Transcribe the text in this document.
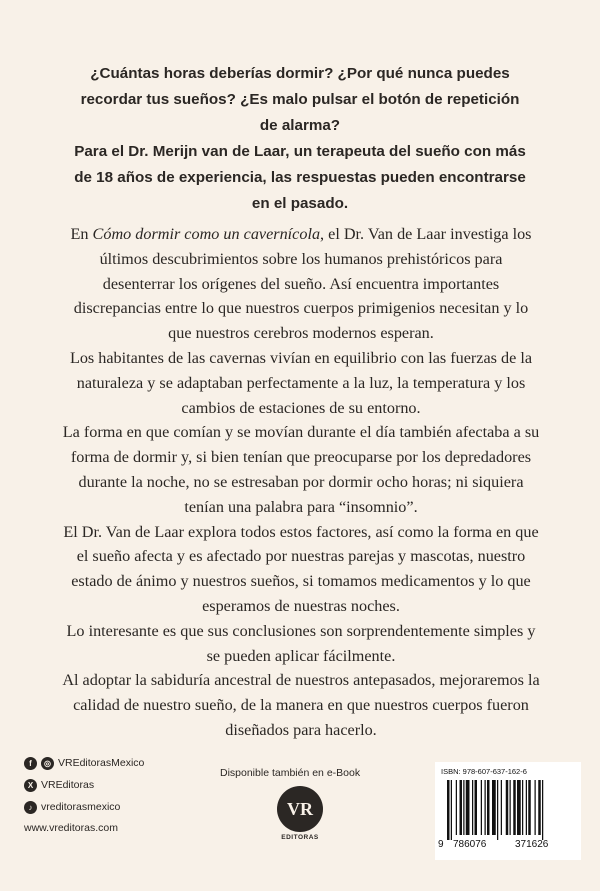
¿Cuántas horas deberías dormir? ¿Por qué nunca puedes recordar tus sueños? ¿Es malo pulsar el botón de repetición de alarma?

Para el Dr. Merijn van de Laar, un terapeuta del sueño con más de 18 años de experiencia, las respuestas pueden encontrarse en el pasado.

En Cómo dormir como un cavernícola, el Dr. Van de Laar investiga los últimos descubrimientos sobre los humanos prehistóricos para desenterrar los orígenes del sueño. Así encuentra importantes discrepancias entre lo que nuestros cuerpos primigenios necesitan y lo que nuestros cerebros modernos esperan.

Los habitantes de las cavernas vivían en equilibrio con las fuerzas de la naturaleza y se adaptaban perfectamente a la luz, la temperatura y los cambios de estaciones de su entorno.

La forma en que comían y se movían durante el día también afectaba a su forma de dormir y, si bien tenían que preocuparse por los depredadores durante la noche, no se estresaban por dormir ocho horas; ni siquiera tenían una palabra para “insomnio”.

El Dr. Van de Laar explora todos estos factores, así como la forma en que el sueño afecta y es afectado por nuestras parejas y mascotas, nuestro estado de ánimo y nuestros sueños, si tomamos medicamentos y lo que esperamos de nuestras noches.

Lo interesante es que sus conclusiones son sorprendentemente simples y se pueden aplicar fácilmente.

Al adoptar la sabiduría ancestral de nuestros antepasados, mejoraremos la calidad de nuestro sueño, de la manera en que nuestros cuerpos fueron diseñados para hacerlo.

f	◎ VREditorasMexico
X VREditoras
♪ vreditorasmexico
www.vreditoras.com
Disponible también en e-Book
VR
EDITORAS
ISBN: 978-607-637-162-6
9 786076	371626
